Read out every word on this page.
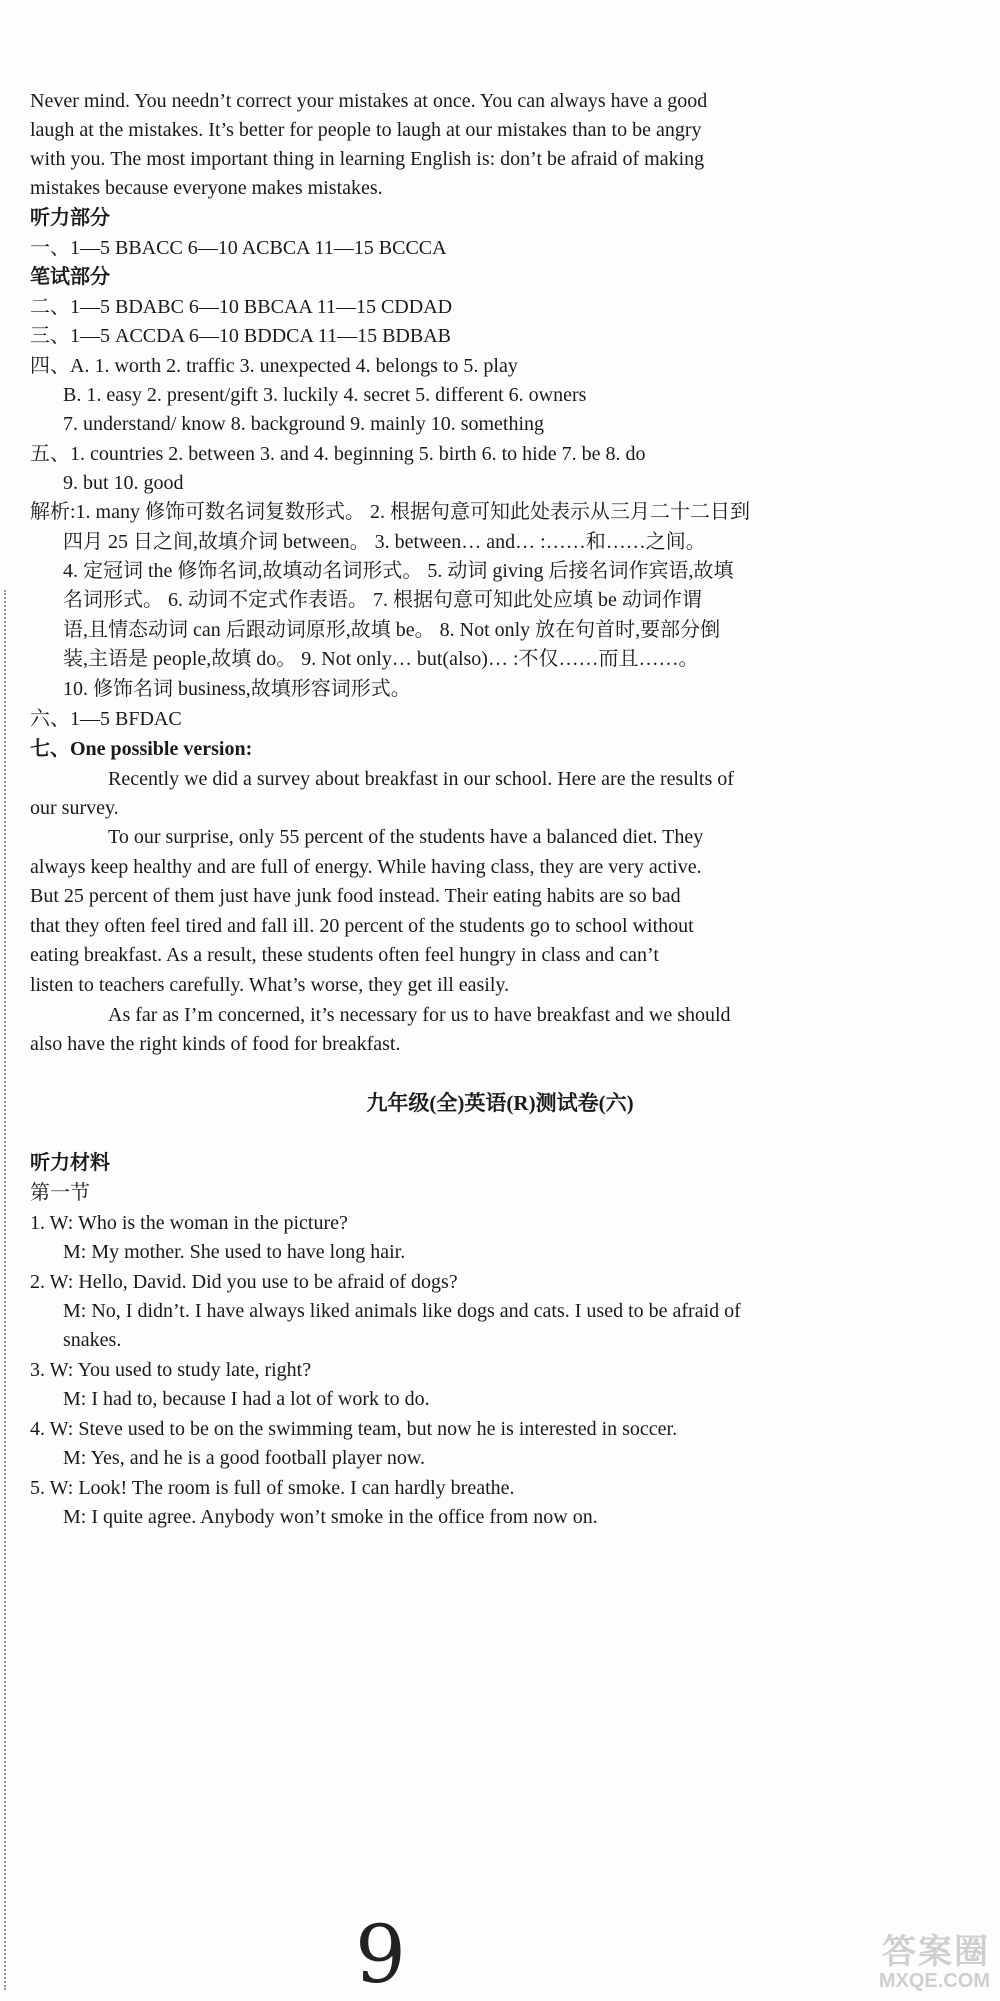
Never mind. You needn’t correct your mistakes at once. You can always have a good
laugh at the mistakes. It’s better for people to laugh at our mistakes than to be angry
with you. The most important thing in learning English is: don’t be afraid of making
mistakes because everyone makes mistakes.
听力部分
一、1—5 BBACC 6—10 ACBCA 11—15 BCCCA
笔试部分
二、1—5 BDABC 6—10 BBCAA 11—15 CDDAD
三、1—5 ACCDA 6—10 BDDCA 11—15 BDBAB
四、A. 1. worth 2. traffic 3. unexpected 4. belongs to 5. play
B. 1. easy 2. present/gift 3. luckily 4. secret 5. different 6. owners
7. understand/ know 8. background 9. mainly 10. something
五、1. countries 2. between 3. and 4. beginning 5. birth 6. to hide 7. be 8. do
9. but 10. good
解析:1. many 修饰可数名词复数形式。 2. 根据句意可知此处表示从三月二十二日到
四月 25 日之间,故填介词 between。 3. between… and… :……和……之间。
4. 定冠词 the 修饰名词,故填动名词形式。 5. 动词 giving 后接名词作宾语,故填
名词形式。 6. 动词不定式作表语。 7. 根据句意可知此处应填 be 动词作谓
语,且情态动词 can 后跟动词原形,故填 be。 8. Not only 放在句首时,要部分倒
装,主语是 people,故填 do。 9. Not only… but(also)… :不仅……而且……。
10. 修饰名词 business,故填形容词形式。
六、1—5 BFDAC
七、One possible version:
Recently we did a survey about breakfast in our school. Here are the results of
our survey.
To our surprise, only 55 percent of the students have a balanced diet. They
always keep healthy and are full of energy. While having class, they are very active.
But 25 percent of them just have junk food instead. Their eating habits are so bad
that they often feel tired and fall ill. 20 percent of the students go to school without
eating breakfast. As a result, these students often feel hungry in class and can’t
listen to teachers carefully. What’s worse, they get ill easily.
As far as I’m concerned, it’s necessary for us to have breakfast and we should
also have the right kinds of food for breakfast.
九年级(全)英语(R)测试卷(六)
听力材料
第一节
1. W: Who is the woman in the picture?
M: My mother. She used to have long hair.
2. W: Hello, David. Did you use to be afraid of dogs?
M: No, I didn’t. I have always liked animals like dogs and cats. I used to be afraid of
snakes.
3. W: You used to study late, right?
M: I had to, because I had a lot of work to do.
4. W: Steve used to be on the swimming team, but now he is interested in soccer.
M: Yes, and he is a good football player now.
5. W: Look! The room is full of smoke. I can hardly breathe.
M: I quite agree. Anybody won’t smoke in the office from now on.
9	答案圈
MXQE.COM
